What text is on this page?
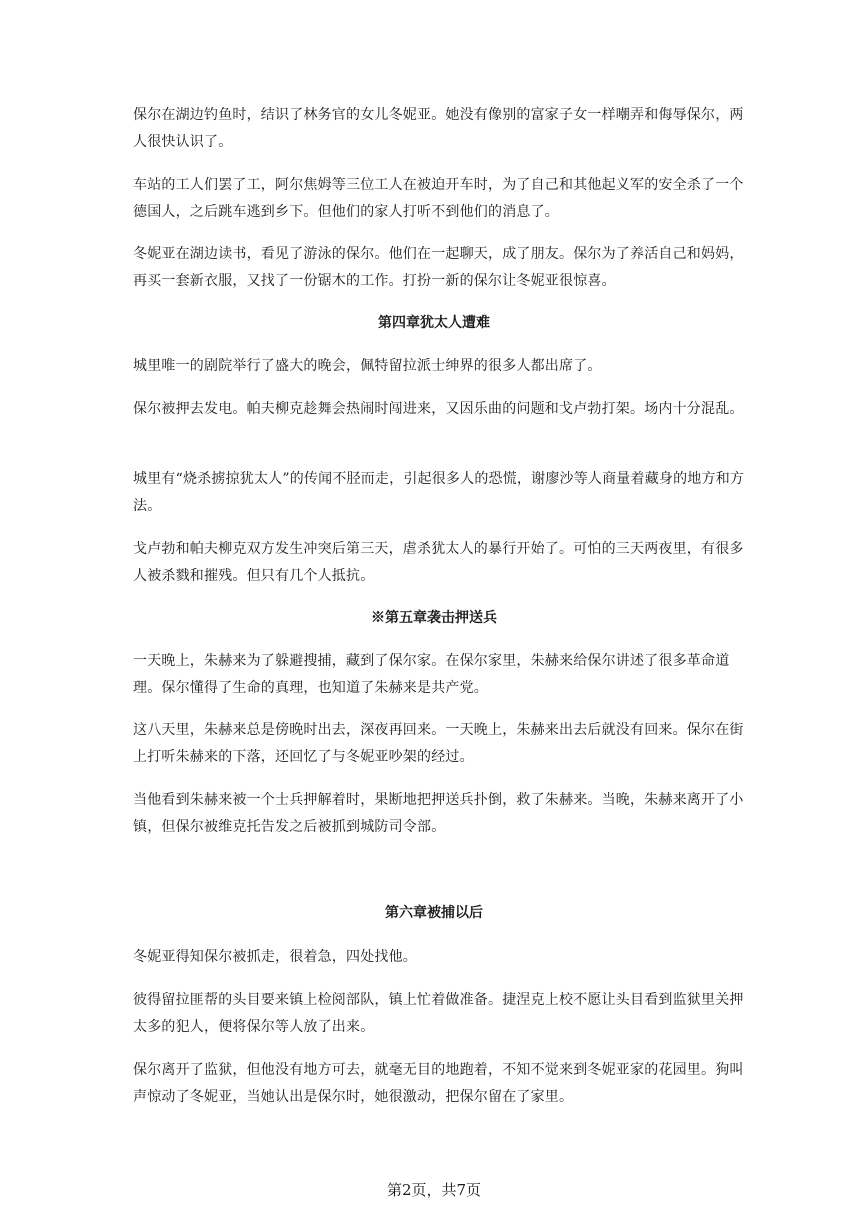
保尔在湖边钓鱼时，结识了林务官的女儿冬妮亚。她没有像别的富家子女一样嘲弄和侮辱保尔，两人很快认识了。

车站的工人们罢了工，阿尔焦姆等三位工人在被迫开车时，为了自己和其他起义军的安全杀了一个德国人，之后跳车逃到乡下。但他们的家人打听不到他们的消息了。

冬妮亚在湖边读书，看见了游泳的保尔。他们在一起聊天，成了朋友。保尔为了养活自己和妈妈，再买一套新衣服，又找了一份锯木的工作。打扮一新的保尔让冬妮亚很惊喜。

第四章犹太人遭难

城里唯一的剧院举行了盛大的晚会，佩特留拉派士绅界的很多人都出席了。

保尔被押去发电。帕夫柳克趁舞会热闹时闯进来，又因乐曲的问题和戈卢勃打架。场内十分混乱。

城里有“烧杀掳掠犹太人”的传闻不胫而走，引起很多人的恐慌，谢廖沙等人商量着藏身的地方和方法。

戈卢勃和帕夫柳克双方发生冲突后第三天，虐杀犹太人的暴行开始了。可怕的三天两夜里，有很多人被杀戮和摧残。但只有几个人抵抗。

※第五章袭击押送兵

一天晚上，朱赫来为了躲避搜捕，藏到了保尔家。在保尔家里，朱赫来给保尔讲述了很多革命道理。保尔懂得了生命的真理，也知道了朱赫来是共产党。

这八天里，朱赫来总是傍晚时出去，深夜再回来。一天晚上，朱赫来出去后就没有回来。保尔在街上打听朱赫来的下落，还回忆了与冬妮亚吵架的经过。

当他看到朱赫来被一个士兵押解着时，果断地把押送兵扑倒，救了朱赫来。当晚，朱赫来离开了小镇，但保尔被维克托告发之后被抓到城防司令部。

第六章被捕以后

冬妮亚得知保尔被抓走，很着急，四处找他。

彼得留拉匪帮的头目要来镇上检阅部队，镇上忙着做准备。捷涅克上校不愿让头目看到监狱里关押太多的犯人，便将保尔等人放了出来。

保尔离开了监狱，但他没有地方可去，就毫无目的地跑着，不知不觉来到冬妮亚家的花园里。狗叫声惊动了冬妮亚，当她认出是保尔时，她很激动，把保尔留在了家里。

第2页，共7页
